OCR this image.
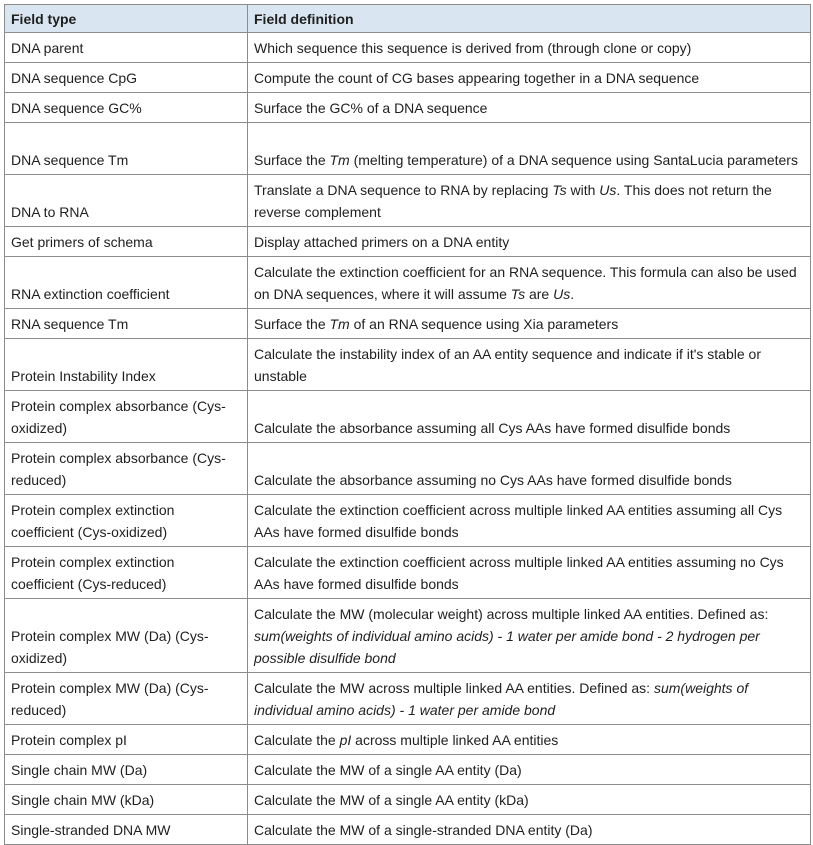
Field type	Field definition
DNA parent	Which sequence this sequence is derived from (through clone or copy)
DNA sequence CpG	Compute the count of CG bases appearing together in a DNA sequence
DNA sequence GC%	Surface the GC% of a DNA sequence
DNA sequence Tm	Surface the Tm (melting temperature) of a DNA sequence using SantaLucia parameters
DNA to RNA	Translate a DNA sequence to RNA by replacing Ts with Us. This does not return the reverse complement
Get primers of schema	Display attached primers on a DNA entity
RNA extinction coefficient	Calculate the extinction coefficient for an RNA sequence. This formula can also be used on DNA sequences, where it will assume Ts are Us.
RNA sequence Tm	Surface the Tm of an RNA sequence using Xia parameters
Protein Instability Index	Calculate the instability index of an AA entity sequence and indicate if it's stable or unstable
Protein complex absorbance (Cys-oxidized)	Calculate the absorbance assuming all Cys AAs have formed disulfide bonds
Protein complex absorbance (Cys-reduced)	Calculate the absorbance assuming no Cys AAs have formed disulfide bonds
Protein complex extinction coefficient (Cys-oxidized)	Calculate the extinction coefficient across multiple linked AA entities assuming all Cys AAs have formed disulfide bonds
Protein complex extinction coefficient (Cys-reduced)	Calculate the extinction coefficient across multiple linked AA entities assuming no Cys AAs have formed disulfide bonds
Protein complex MW (Da) (Cys-oxidized)	Calculate the MW (molecular weight) across multiple linked AA entities. Defined as: sum(weights of individual amino acids) - 1 water per amide bond - 2 hydrogen per possible disulfide bond
Protein complex MW (Da) (Cys-reduced)	Calculate the MW across multiple linked AA entities. Defined as: sum(weights of individual amino acids) - 1 water per amide bond
Protein complex pI	Calculate the pI across multiple linked AA entities
Single chain MW (Da)	Calculate the MW of a single AA entity (Da)
Single chain MW (kDa)	Calculate the MW of a single AA entity (kDa)
Single-stranded DNA MW	Calculate the MW of a single-stranded DNA entity (Da)
